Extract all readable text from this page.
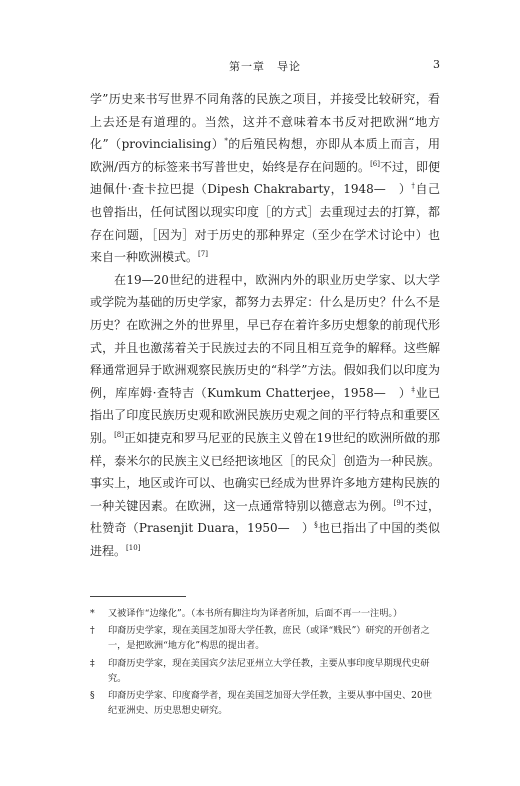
第一章　导论	3

学”历史来书写世界不同角落的民族之项目，并接受比较研究，看上去还是有道理的。当然，这并不意味着本书反对把欧洲“地方化”（provincialising）*的后殖民构想，亦即从本质上而言，用欧洲/西方的标签来书写普世史，始终是存在问题的。[6]不过，即便迪佩什·查卡拉巴提（Dipesh Chakrabarty，1948—　）†自己也曾指出，任何试图以现实印度［的方式］去重现过去的打算，都存在问题，［因为］对于历史的那种界定（至少在学术讨论中）也来自一种欧洲模式。[7]

在19—20世纪的进程中，欧洲内外的职业历史学家、以大学或学院为基础的历史学家，都努力去界定：什么是历史？什么不是历史？在欧洲之外的世界里，早已存在着许多历史想象的前现代形式，并且也激荡着关于民族过去的不同且相互竞争的解释。这些解释通常迥异于欧洲观察民族历史的“科学”方法。假如我们以印度为例，库库姆·查特吉（Kumkum Chatterjee，1958—　）‡业已指出了印度民族历史观和欧洲民族历史观之间的平行特点和重要区别。[8]正如捷克和罗马尼亚的民族主义曾在19世纪的欧洲所做的那样，泰米尔的民族主义已经把该地区［的民众］创造为一种民族。事实上，地区或许可以、也确实已经成为世界许多地方建构民族的一种关键因素。在欧洲，这一点通常特别以德意志为例。[9]不过，杜赞奇（Prasenjit Duara，1950—　）§也已指出了中国的类似进程。[10]

* 又被译作“边缘化”。（本书所有脚注均为译者所加，后面不再一一注明。）
† 印裔历史学家，现在美国芝加哥大学任教，庶民（或译“贱民”）研究的开创者之一，是把欧洲“地方化”构思的提出者。
‡ 印裔历史学家，现在美国宾夕法尼亚州立大学任教，主要从事印度早期现代史研究。
§ 印裔历史学家、印度裔学者，现在美国芝加哥大学任教，主要从事中国史、20世纪亚洲史、历史思想史研究。
